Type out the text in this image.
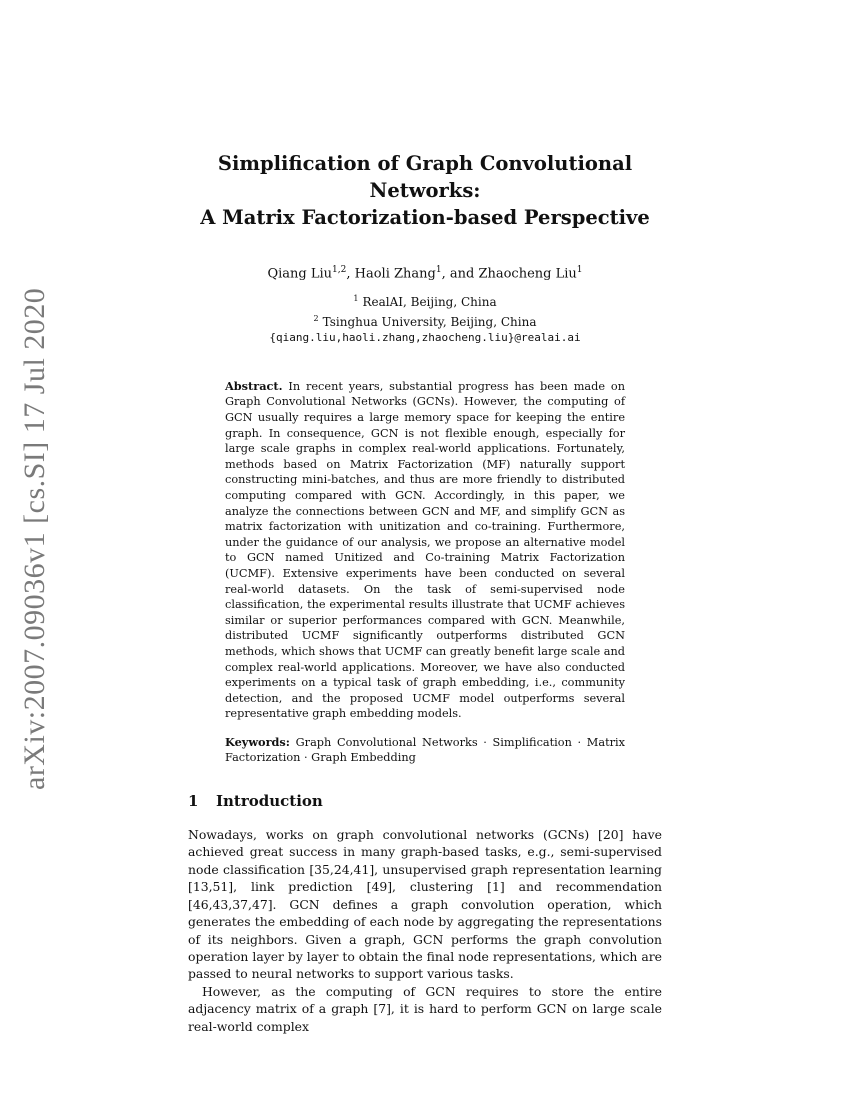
arXiv:2007.09036v1 [cs.SI] 17 Jul 2020
Simplification of Graph Convolutional Networks:
A Matrix Factorization-based Perspective
Qiang Liu$^{1,2}$, Haoli Zhang$^1$, and Zhaocheng Liu$^1$
$^1$ RealAI, Beijing, China
$^2$ Tsinghua University, Beijing, China
{qiang.liu,haoli.zhang,zhaocheng.liu}@realai.ai
Abstract. In recent years, substantial progress has been made on Graph Convolutional Networks (GCNs). However, the computing of GCN usually requires a large memory space for keeping the entire graph. In consequence, GCN is not flexible enough, especially for large scale graphs in complex real-world applications. Fortunately, methods based on Matrix Factorization (MF) naturally support constructing mini-batches, and thus are more friendly to distributed computing compared with GCN. Accordingly, in this paper, we analyze the connections between GCN and MF, and simplify GCN as matrix factorization with unitization and co-training. Furthermore, under the guidance of our analysis, we propose an alternative model to GCN named Unitized and Co-training Matrix Factorization (UCMF). Extensive experiments have been conducted on several real-world datasets. On the task of semi-supervised node classification, the experimental results illustrate that UCMF achieves similar or superior performances compared with GCN. Meanwhile, distributed UCMF significantly outperforms distributed GCN methods, which shows that UCMF can greatly benefit large scale and complex real-world applications. Moreover, we have also conducted experiments on a typical task of graph embedding, i.e., community detection, and the proposed UCMF model outperforms several representative graph embedding models.
Keywords: Graph Convolutional Networks · Simplification · Matrix Factorization · Graph Embedding
1 Introduction

Nowadays, works on graph convolutional networks (GCNs) [20] have achieved great success in many graph-based tasks, e.g., semi-supervised node classification [35,24,41], unsupervised graph representation learning [13,51], link prediction [49], clustering [1] and recommendation [46,43,37,47]. GCN defines a graph convolution operation, which generates the embedding of each node by aggregating the representations of its neighbors. Given a graph, GCN performs the graph convolution operation layer by layer to obtain the final node representations, which are passed to neural networks to support various tasks.

However, as the computing of GCN requires to store the entire adjacency matrix of a graph [7], it is hard to perform GCN on large scale real-world complex
